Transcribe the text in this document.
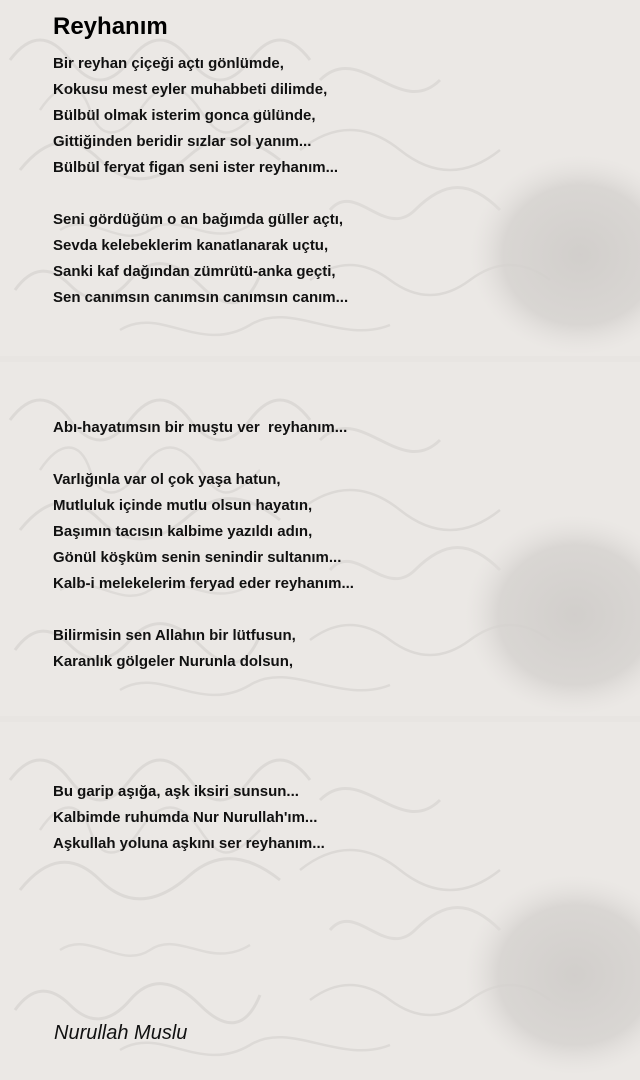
Reyhanım
Bir reyhan çiçeği açtı gönlümde,
Kokusu mest eyler muhabbeti dilimde,
Bülbül olmak isterim gonca gülünde,
Gittiğinden beridir sızlar sol yanım...
Bülbül feryat figan seni ister reyhanım...
Seni gördüğüm o an bağımda güller açtı,
Sevda kelebeklerim kanatlanarak uçtu,
Sanki kaf dağından zümrütü-anka geçti,
Sen canımsın canımsın canımsın canım...
Abı-hayatımsın bir muştu ver  reyhanım...
Varlığınla var ol çok yaşa hatun,
Mutluluk içinde mutlu olsun hayatın,
Başımın tacısın kalbime yazıldı adın,
Gönül köşküm senin senindir sultanım...
Kalb-i melekelerim feryad eder reyhanım...
Bilirmisin sen Allahın bir lütfusun,
Karanlık gölgeler Nurunla dolsun,
Bu garip aşığa, aşk iksiri sunsun...
Kalbimde ruhumda Nur Nurullah'ım...
Aşkullah yoluna aşkını ser reyhanım...
Nurullah Muslu
